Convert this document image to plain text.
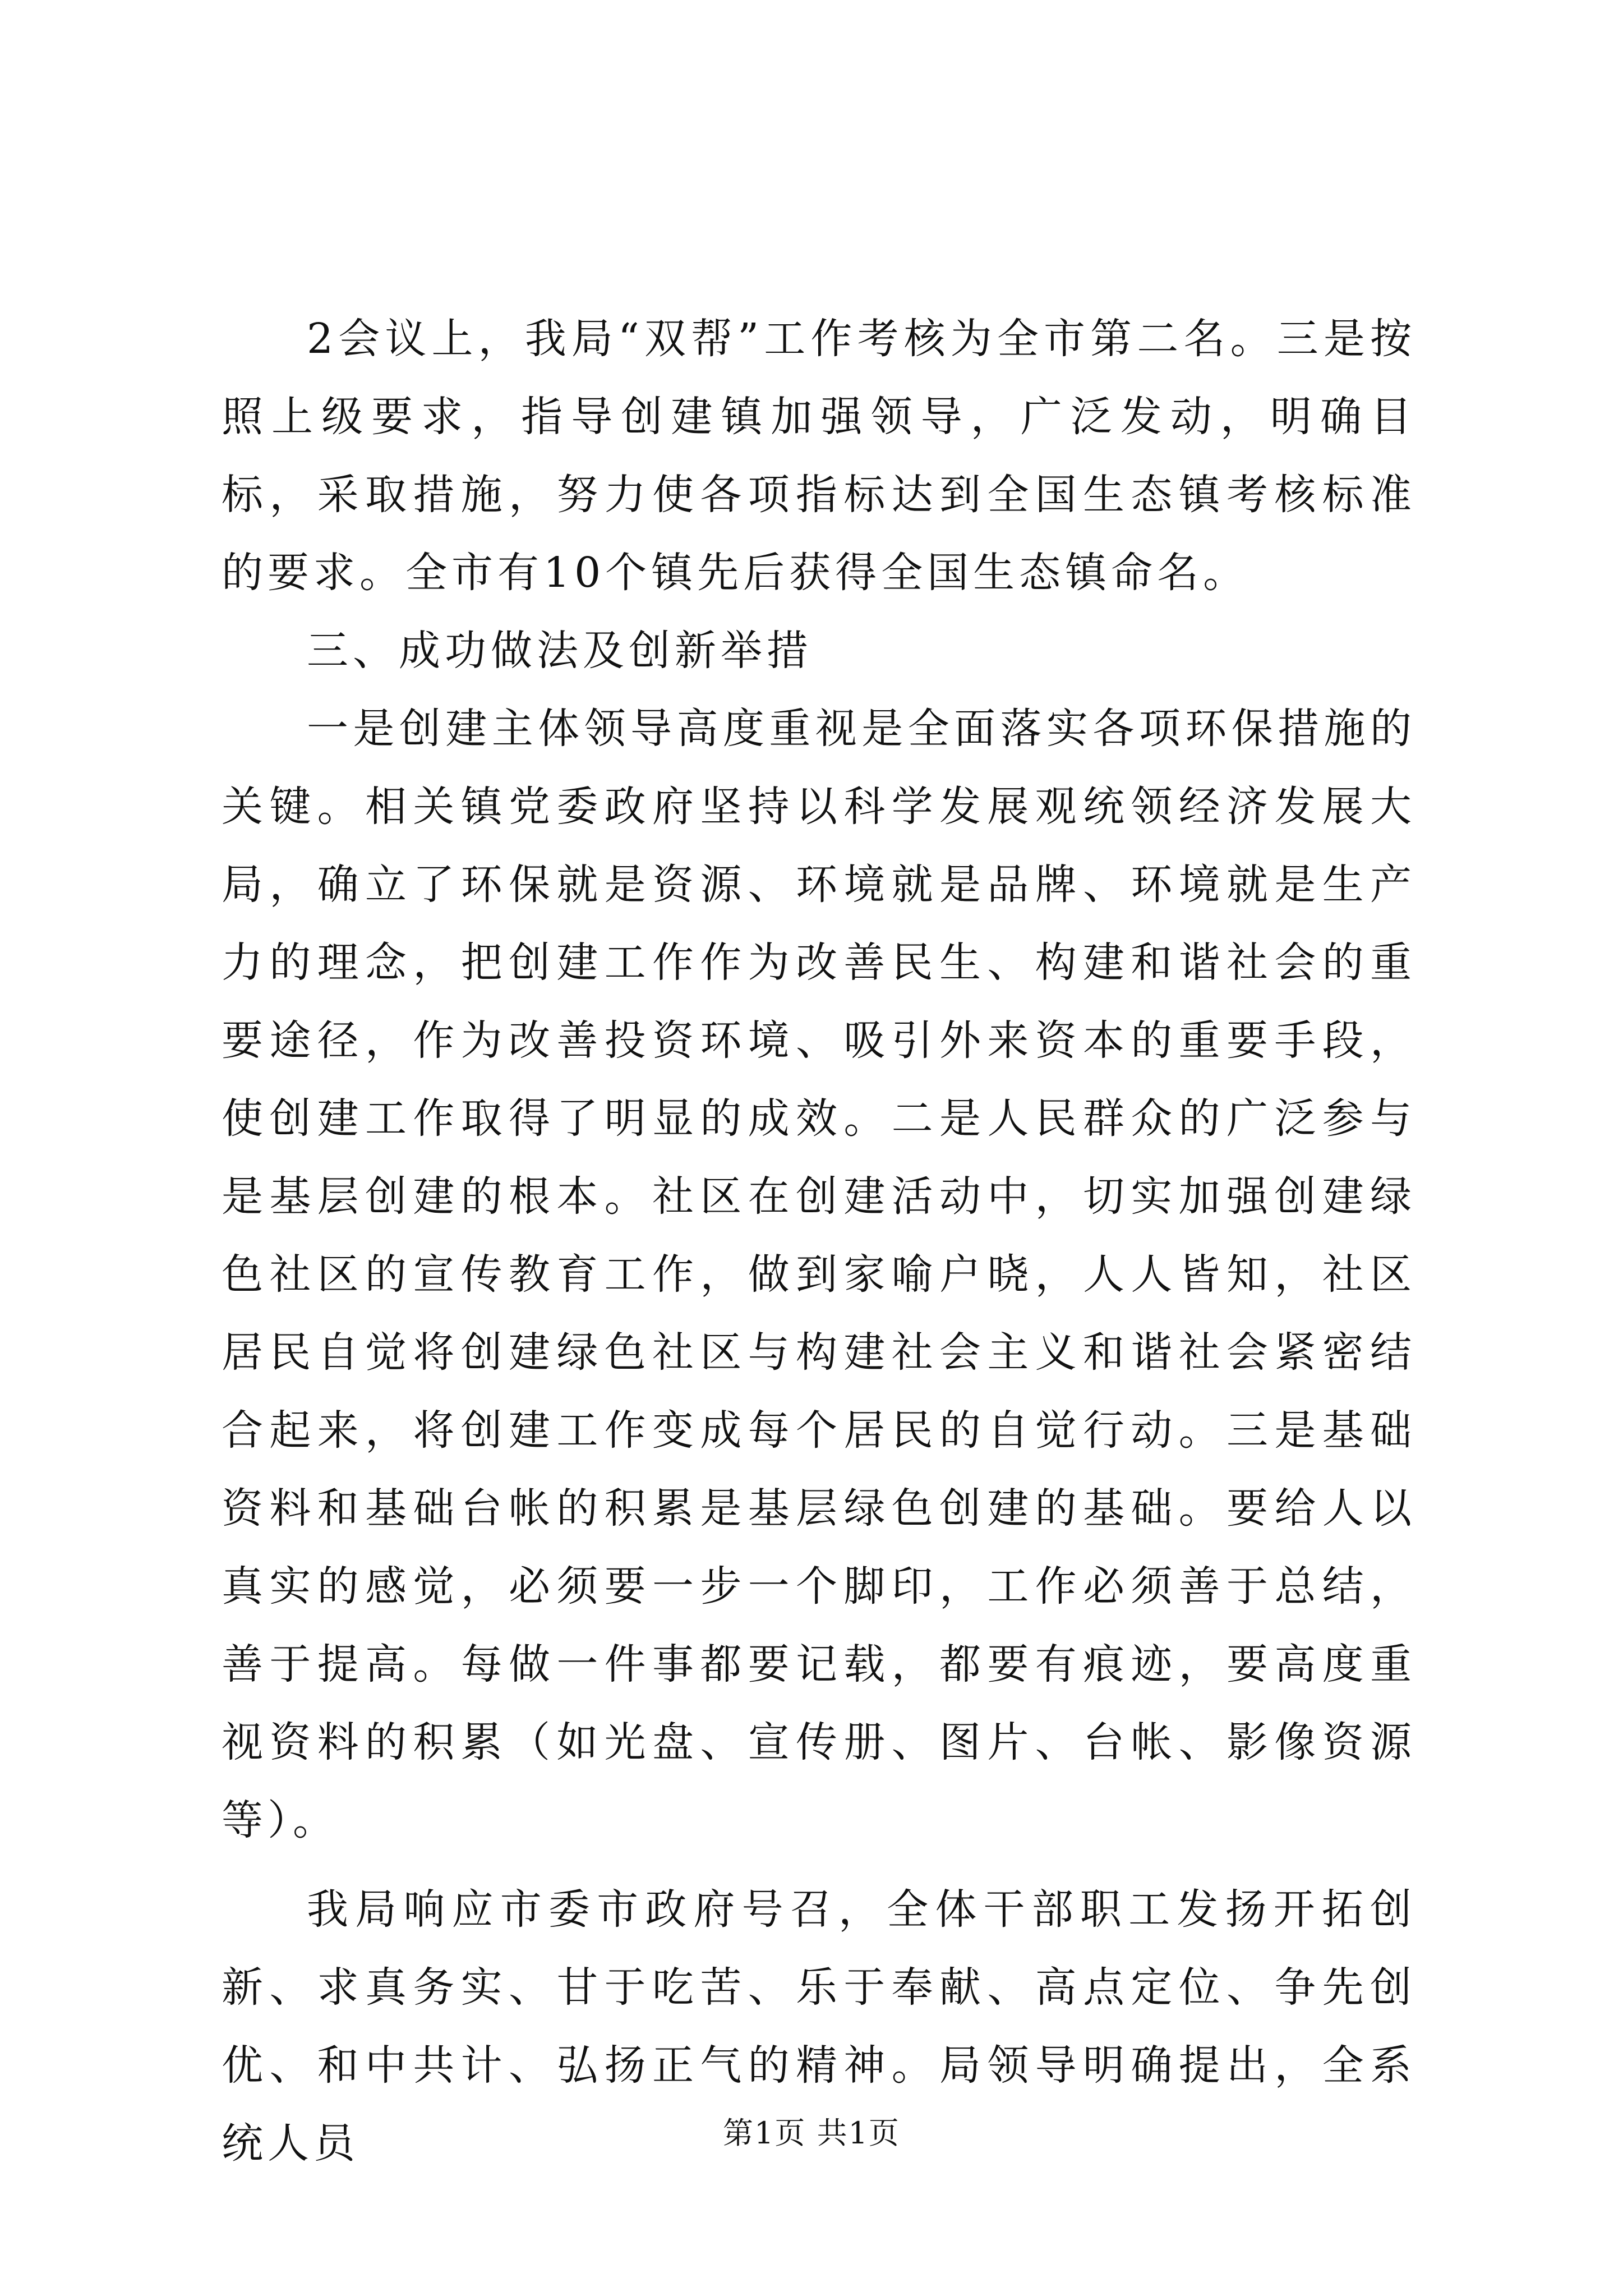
2会议上，我局“双帮”工作考核为全市第二名。三是按照上级要求，指导创建镇加强领导，广泛发动，明确目标，采取措施，努力使各项指标达到全国生态镇考核标准的要求。全市有10个镇先后获得全国生态镇命名。

三、成功做法及创新举措

一是创建主体领导高度重视是全面落实各项环保措施的关键。相关镇党委政府坚持以科学发展观统领经济发展大局，确立了环保就是资源、环境就是品牌、环境就是生产力的理念，把创建工作作为改善民生、构建和谐社会的重要途径，作为改善投资环境、吸引外来资本的重要手段，使创建工作取得了明显的成效。二是人民群众的广泛参与是基层创建的根本。社区在创建活动中，切实加强创建绿色社区的宣传教育工作，做到家喻户晓，人人皆知，社区居民自觉将创建绿色社区与构建社会主义和谐社会紧密结合起来，将创建工作变成每个居民的自觉行动。三是基础资料和基础台帐的积累是基层绿色创建的基础。要给人以真实的感觉，必须要一步一个脚印，工作必须善于总结，善于提高。每做一件事都要记载，都要有痕迹，要高度重视资料的积累（如光盘、宣传册、图片、台帐、影像资源等）。

我局响应市委市政府号召，全体干部职工发扬开拓创新、求真务实、甘于吃苦、乐于奉献、高点定位、争先创优、和中共计、弘扬正气的精神。局领导明确提出，全系统人员	第1页 共1页
